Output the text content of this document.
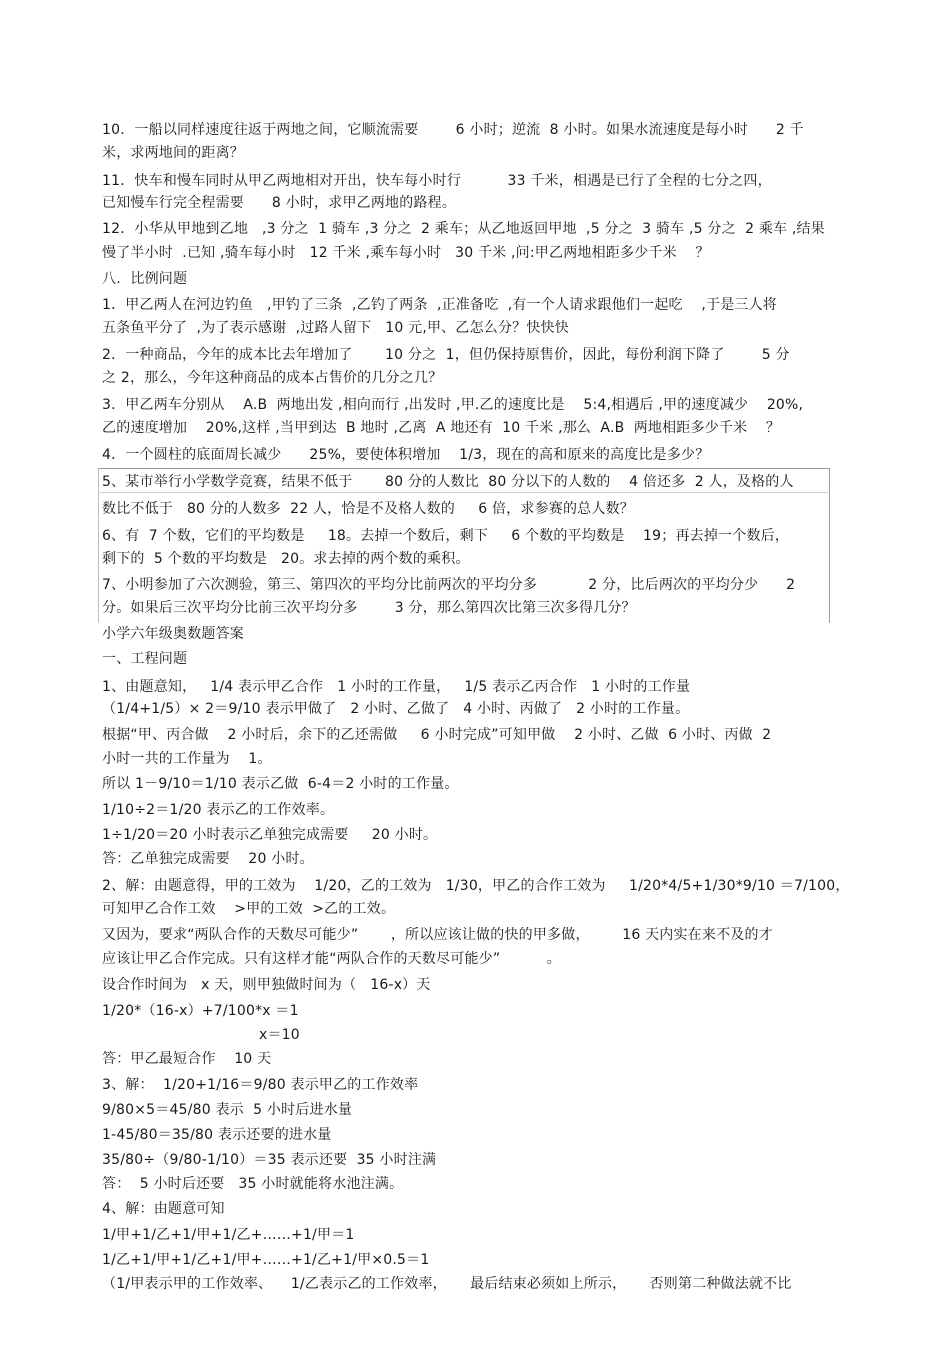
10．一船以同样速度往返于两地之间，它顺流需要        6 小时；逆流  8 小时。如果水流速度是每小时      2 千
米，求两地间的距离？
11．快车和慢车同时从甲乙两地相对开出，快车每小时行          33 千米，相遇是已行了全程的七分之四，
已知慢车行完全程需要      8 小时，求甲乙两地的路程。
12．小华从甲地到乙地   ,3 分之  1 骑车 ,3 分之  2 乘车；从乙地返回甲地  ,5 分之  3 骑车 ,5 分之  2 乘车 ,结果
慢了半小时  .已知 ,骑车每小时   12 千米 ,乘车每小时   30 千米 ,问:甲乙两地相距多少千米    ？
八．比例问题
1．甲乙两人在河边钓鱼   ,甲钓了三条  ,乙钓了两条  ,正准备吃  ,有一个人请求跟他们一起吃    ,于是三人将
五条鱼平分了  ,为了表示感谢  ,过路人留下   10 元,甲、乙怎么分？快快快
2．一种商品，今年的成本比去年增加了       10 分之  1，但仍保持原售价，因此，每份利润下降了        5 分
之 2，那么，今年这种商品的成本占售价的几分之几？
3．甲乙两车分别从    A.B  两地出发 ,相向而行 ,出发时 ,甲.乙的速度比是    5:4,相遇后 ,甲的速度减少    20%,
乙的速度增加    20%,这样 ,当甲到达  B 地时 ,乙离  A 地还有  10 千米 ,那么  A.B  两地相距多少千米    ？
4．一个圆柱的底面周长减少      25%，要使体积增加    1/3，现在的高和原来的高度比是多少？
5、某市举行小学数学竞赛，结果不低于       80 分的人数比  80 分以下的人数的    4 倍还多  2 人，及格的人
数比不低于   80 分的人数多  22 人，恰是不及格人数的     6 倍，求参赛的总人数？
6、有  7 个数，它们的平均数是     18。去掉一个数后，剩下     6 个数的平均数是    19；再去掉一个数后，
剩下的  5 个数的平均数是   20。求去掉的两个数的乘积。
7、小明参加了六次测验，第三、第四次的平均分比前两次的平均分多           2 分，比后两次的平均分少      2
分。如果后三次平均分比前三次平均分多        3 分，那么第四次比第三次多得几分？
小学六年级奥数题答案
一、工程问题
1、由题意知，   1/4 表示甲乙合作   1 小时的工作量，   1/5 表示乙丙合作   1 小时的工作量
（1/4+1/5）× 2＝9/10 表示甲做了   2 小时、乙做了   4 小时、丙做了   2 小时的工作量。
根据“甲、丙合做    2 小时后，余下的乙还需做     6 小时完成”可知甲做    2 小时、乙做  6 小时、丙做  2
小时一共的工作量为    1。
所以 1－9/10＝1/10 表示乙做  6-4＝2 小时的工作量。
1/10÷2＝1/20 表示乙的工作效率。
1÷1/20＝20 小时表示乙单独完成需要     20 小时。
答：乙单独完成需要    20 小时。
2、解：由题意得，甲的工效为    1/20，乙的工效为   1/30，甲乙的合作工效为     1/20*4/5+1/30*9/10 ＝7/100，
可知甲乙合作工效    >甲的工效  >乙的工效。
又因为，要求“两队合作的天数尽可能少”       ，所以应该让做的快的甲多做，       16 天内实在来不及的才
应该让甲乙合作完成。只有这样才能“两队合作的天数尽可能少”          。
设合作时间为   x 天，则甲独做时间为（   16-x）天
1/20*（16-x）+7/100*x ＝1
x＝10
答：甲乙最短合作    10 天
3、解：  1/20+1/16＝9/80 表示甲乙的工作效率
9/80×5＝45/80 表示  5 小时后进水量
1-45/80＝35/80 表示还要的进水量
35/80÷（9/80-1/10）＝35 表示还要  35 小时注满
答：  5 小时后还要   35 小时就能将水池注满。
4、解：由题意可知
1/甲+1/乙+1/甲+1/乙+……+1/甲＝1
1/乙+1/甲+1/乙+1/甲+……+1/乙+1/甲×0.5＝1
（1/甲表示甲的工作效率、    1/乙表示乙的工作效率，     最后结束必须如上所示，     否则第二种做法就不比
